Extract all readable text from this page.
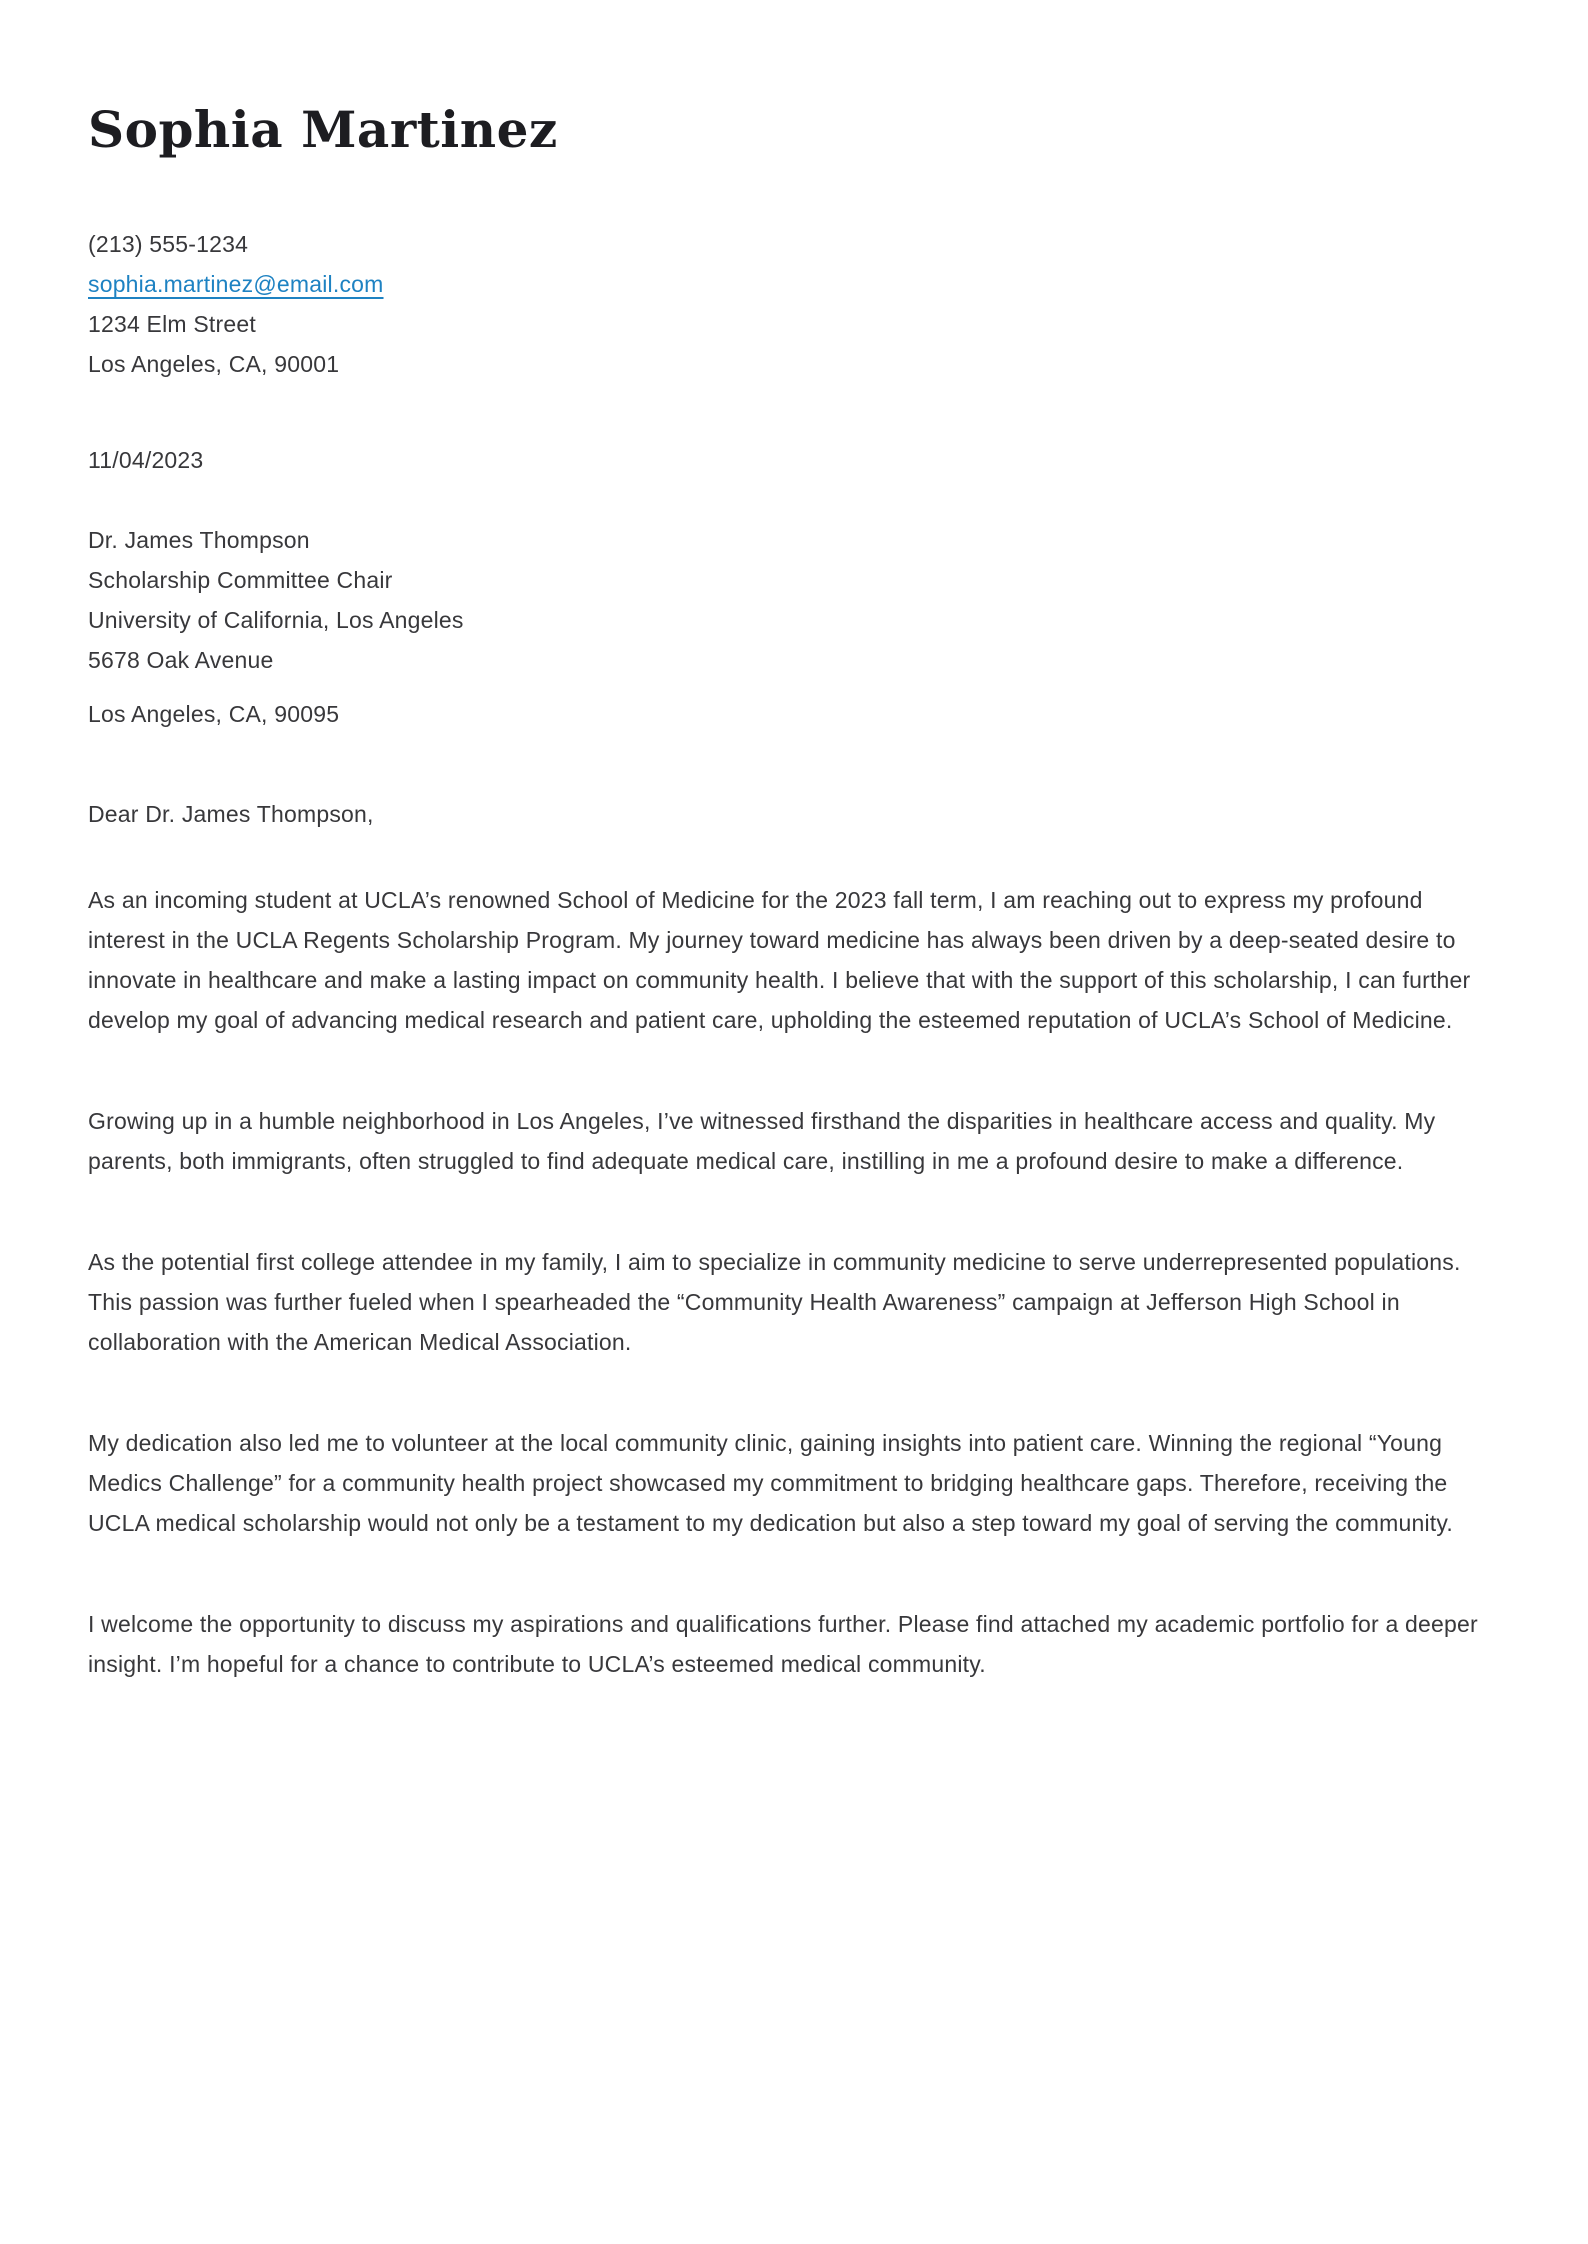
Sophia Martinez

(213) 555-1234

sophia.martinez@email.com

1234 Elm Street

Los Angeles, CA, 90001

11/04/2023

Dr. James Thompson

Scholarship Committee Chair

University of California, Los Angeles

5678 Oak Avenue

Los Angeles, CA, 90095

Dear Dr. James Thompson,

As an incoming student at UCLA’s renowned School of Medicine for the 2023 fall term, I am reaching out to express my profound interest in the UCLA Regents Scholarship Program. My journey toward medicine has always been driven by a deep-seated desire to innovate in healthcare and make a lasting impact on community health. I believe that with the support of this scholarship, I can further develop my goal of advancing medical research and patient care, upholding the esteemed reputation of UCLA’s School of Medicine.

Growing up in a humble neighborhood in Los Angeles, I’ve witnessed firsthand the disparities in healthcare access and quality. My parents, both immigrants, often struggled to find adequate medical care, instilling in me a profound desire to make a difference.

As the potential first college attendee in my family, I aim to specialize in community medicine to serve underrepresented populations. This passion was further fueled when I spearheaded the “Community Health Awareness” campaign at Jefferson High School in collaboration with the American Medical Association.

My dedication also led me to volunteer at the local community clinic, gaining insights into patient care. Winning the regional “Young Medics Challenge” for a community health project showcased my commitment to bridging healthcare gaps. Therefore, receiving the UCLA medical scholarship would not only be a testament to my dedication but also a step toward my goal of serving the community.

I welcome the opportunity to discuss my aspirations and qualifications further. Please find attached my academic portfolio for a deeper insight. I’m hopeful for a chance to contribute to UCLA’s esteemed medical community.
